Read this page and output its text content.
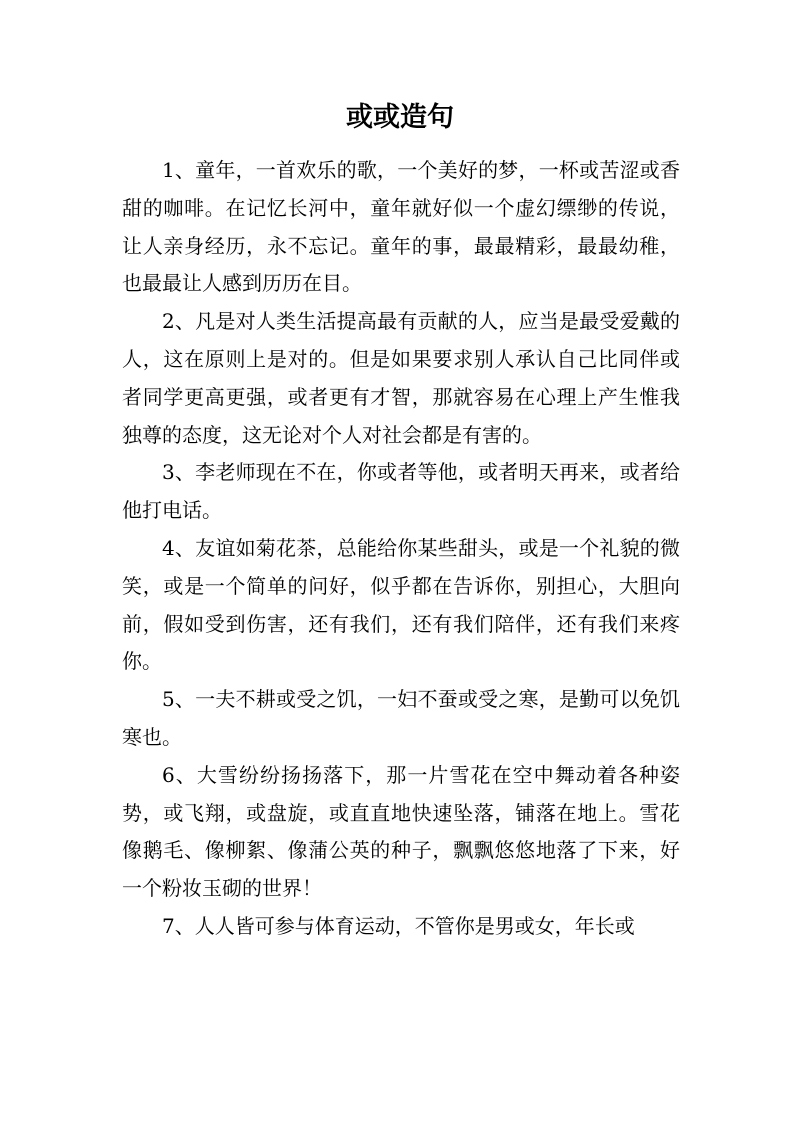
或或造句

1、童年，一首欢乐的歌，一个美好的梦，一杯或苦涩或香甜的咖啡。在记忆长河中，童年就好似一个虚幻缥缈的传说，让人亲身经历，永不忘记。童年的事，最最精彩，最最幼稚，也最最让人感到历历在目。

2、凡是对人类生活提高最有贡献的人，应当是最受爱戴的人，这在原则上是对的。但是如果要求别人承认自己比同伴或者同学更高更强，或者更有才智，那就容易在心理上产生惟我独尊的态度，这无论对个人对社会都是有害的。

3、李老师现在不在，你或者等他，或者明天再来，或者给他打电话。

4、友谊如菊花茶，总能给你某些甜头，或是一个礼貌的微笑，或是一个简单的问好，似乎都在告诉你，别担心，大胆向前，假如受到伤害，还有我们，还有我们陪伴，还有我们来疼你。

5、一夫不耕或受之饥，一妇不蚕或受之寒，是勤可以免饥寒也。

6、大雪纷纷扬扬落下，那一片雪花在空中舞动着各种姿势，或飞翔，或盘旋，或直直地快速坠落，铺落在地上。雪花像鹅毛、像柳絮、像蒲公英的种子，飘飘悠悠地落了下来，好一个粉妆玉砌的世界！

7、人人皆可参与体育运动，不管你是男或女，年长或
